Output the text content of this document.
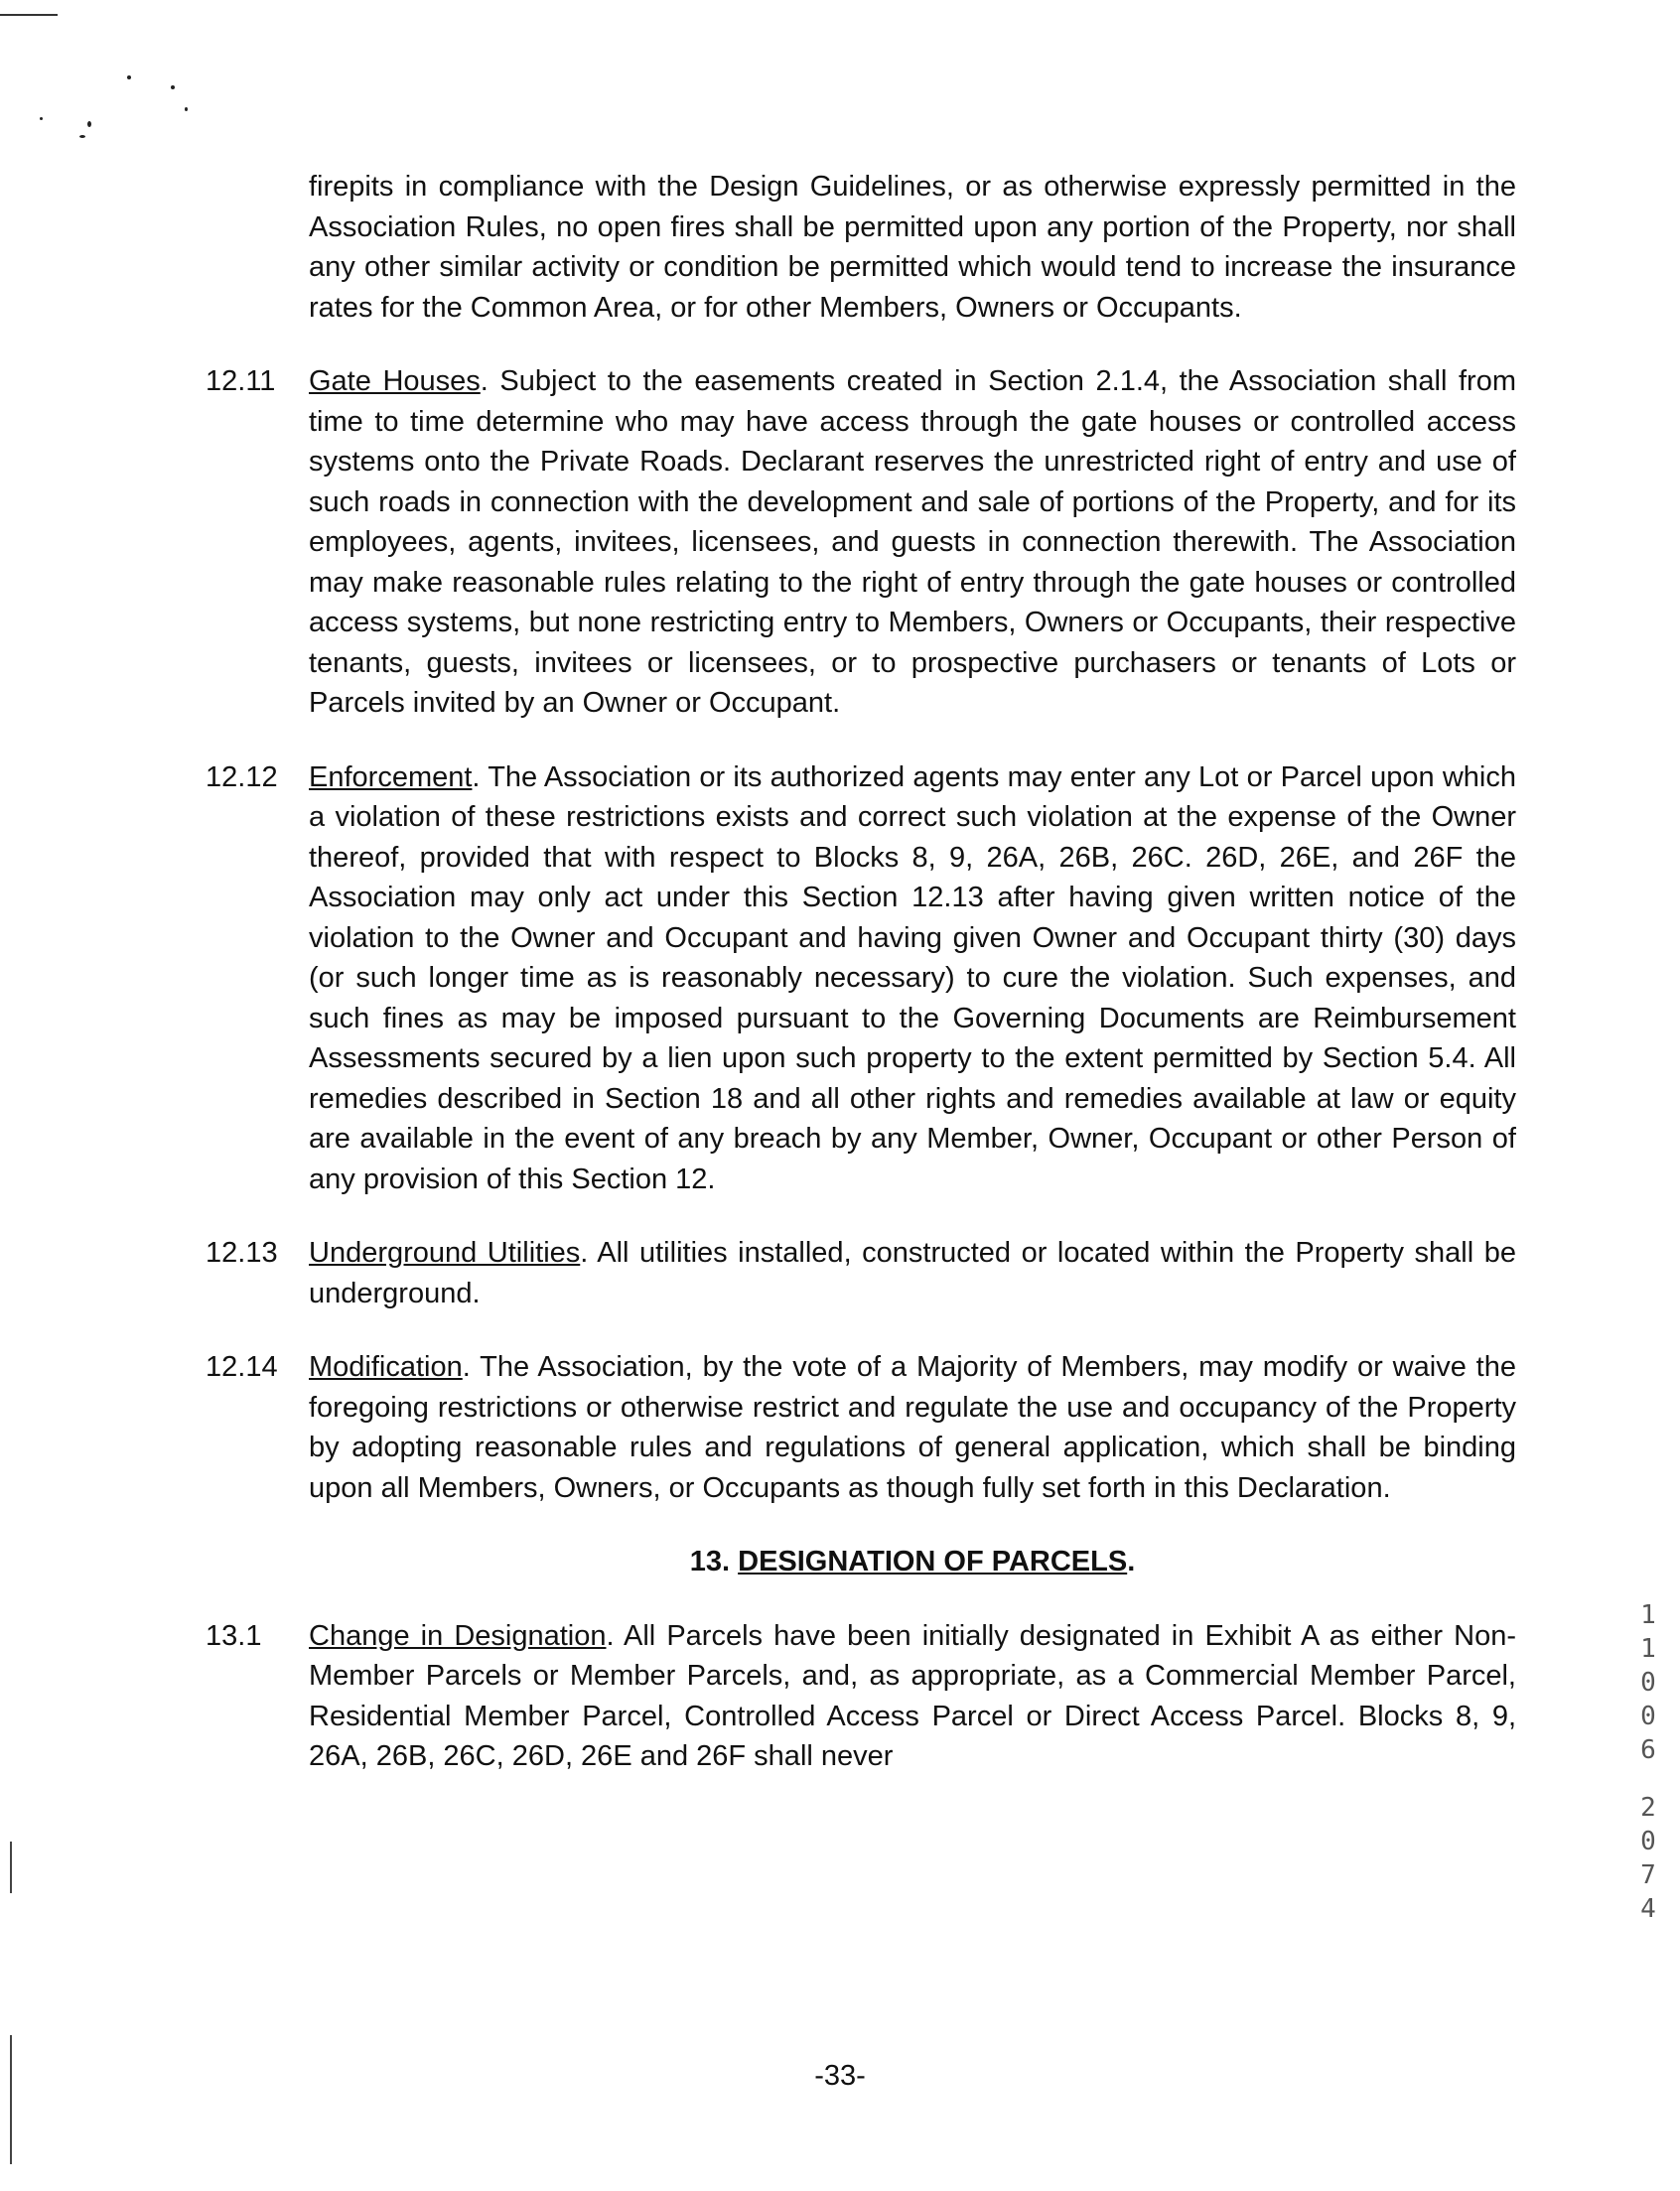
firepits in compliance with the Design Guidelines, or as otherwise expressly permitted in the Association Rules, no open fires shall be permitted upon any portion of the Property, nor shall any other similar activity or condition be permitted which would tend to increase the insurance rates for the Common Area, or for other Members, Owners or Occupants.

12.11 Gate Houses. Subject to the easements created in Section 2.1.4, the Association shall from time to time determine who may have access through the gate houses or controlled access systems onto the Private Roads. Declarant reserves the unrestricted right of entry and use of such roads in connection with the development and sale of portions of the Property, and for its employees, agents, invitees, licensees, and guests in connection therewith. The Association may make reasonable rules relating to the right of entry through the gate houses or controlled access systems, but none restricting entry to Members, Owners or Occupants, their respective tenants, guests, invitees or licensees, or to prospective purchasers or tenants of Lots or Parcels invited by an Owner or Occupant.

12.12 Enforcement. The Association or its authorized agents may enter any Lot or Parcel upon which a violation of these restrictions exists and correct such violation at the expense of the Owner thereof, provided that with respect to Blocks 8, 9, 26A, 26B, 26C. 26D, 26E, and 26F the Association may only act under this Section 12.13 after having given written notice of the violation to the Owner and Occupant and having given Owner and Occupant thirty (30) days (or such longer time as is reasonably necessary) to cure the violation. Such expenses, and such fines as may be imposed pursuant to the Governing Documents are Reimbursement Assessments secured by a lien upon such property to the extent permitted by Section 5.4. All remedies described in Section 18 and all other rights and remedies available at law or equity are available in the event of any breach by any Member, Owner, Occupant or other Person of any provision of this Section 12.

12.13 Underground Utilities. All utilities installed, constructed or located within the Property shall be underground.

12.14 Modification. The Association, by the vote of a Majority of Members, may modify or waive the foregoing restrictions or otherwise restrict and regulate the use and occupancy of the Property by adopting reasonable rules and regulations of general application, which shall be binding upon all Members, Owners, or Occupants as though fully set forth in this Declaration.

13. DESIGNATION OF PARCELS.
13.1 Change in Designation. All Parcels have been initially designated in Exhibit A as either Non-Member Parcels or Member Parcels, and, as appropriate, as a Commercial Member Parcel, Residential Member Parcel, Controlled Access Parcel or Direct Access Parcel. Blocks 8, 9, 26A, 26B, 26C, 26D, 26E and 26F shall never

-33-
1
1
0
0
6
2
0
7
4
